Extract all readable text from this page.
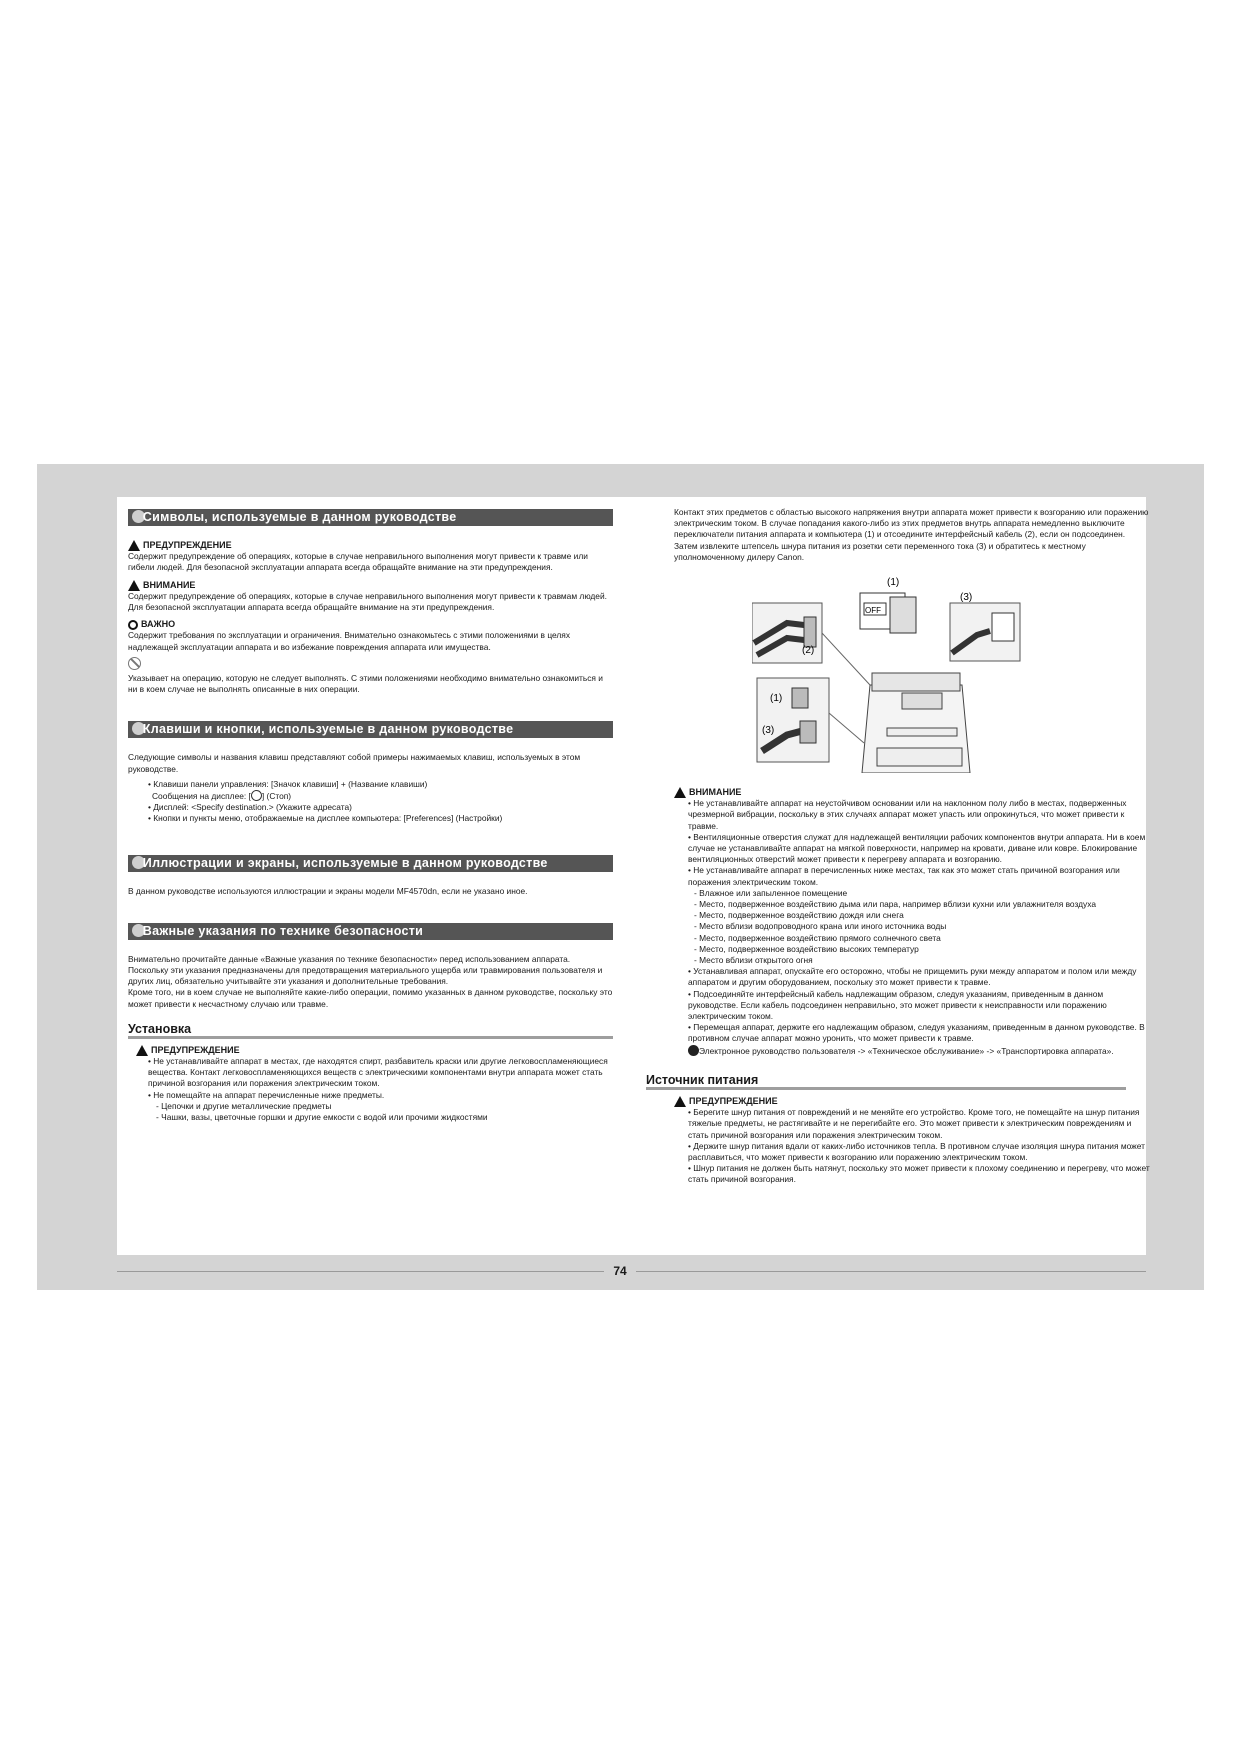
74
Символы, используемые в данном руководстве
ПРЕДУПРЕЖДЕНИЕ

Содержит предупреждение об операциях, которые в случае неправильного выполнения могут привести к травме или гибели людей. Для безопасной эксплуатации аппарата всегда обращайте внимание на эти предупреждения.

ВНИМАНИЕ

Содержит предупреждение об операциях, которые в случае неправильного выполнения могут привести к травмам людей. Для безопасной эксплуатации аппарата всегда обращайте внимание на эти предупреждения.

ВАЖНО

Содержит требования по эксплуатации и ограничения. Внимательно ознакомьтесь с этими положениями в целях надлежащей эксплуатации аппарата и во избежание повреждения аппарата или имущества.

Указывает на операцию, которую не следует выполнять. С этими положениями необходимо внимательно ознакомиться и ни в коем случае не выполнять описанные в них операции.

Клавиши и кнопки, используемые в данном руководстве

Следующие символы и названия клавиш представляют собой примеры нажимаемых клавиш, используемых в этом руководстве.

• Клавиши панели управления: [Значок клавиши] + (Название клавиши)

Сообщения на дисплее: [ ] (Стоп)

• Дисплей: <Specify destination.> (Укажите адресата)

• Кнопки и пункты меню, отображаемые на дисплее компьютера: [Preferences] (Настройки)

Иллюстрации и экраны, используемые в данном руководстве

В данном руководстве используются иллюстрации и экраны модели MF4570dn, если не указано иное.

Важные указания по технике безопасности

Внимательно прочитайте данные «Важные указания по технике безопасности» перед использованием аппарата.

Поскольку эти указания предназначены для предотвращения материального ущерба или травмирования пользователя и других лиц, обязательно учитывайте эти указания и дополнительные требования.

Кроме того, ни в коем случае не выполняйте какие-либо операции, помимо указанных в данном руководстве, поскольку это может привести к несчастному случаю или травме.

Установка
ПРЕДУПРЕЖДЕНИЕ

• Не устанавливайте аппарат в местах, где находятся спирт, разбавитель краски или другие легковоспламеняющиеся вещества. Контакт легковоспламеняющихся веществ с электрическими компонентами внутри аппарата может стать причиной возгорания или поражения электрическим током.

• Не помещайте на аппарат перечисленные ниже предметы.

- Цепочки и другие металлические предметы

- Чашки, вазы, цветочные горшки и другие емкости с водой или прочими жидкостями

Контакт этих предметов с областью высокого напряжения внутри аппарата может привести к возгоранию или поражению электрическим током. В случае попадания какого-либо из этих предметов внутрь аппарата немедленно выключите переключатели питания аппарата и компьютера (1) и отсоедините интерфейсный кабель (2), если он подсоединен. Затем извлеките штепсель шнура питания из розетки сети переменного тока (3) и обратитесь к местному уполномоченному дилеру Canon.

(2)
(1)
OFF
(3)
(1)
(3)
ВНИМАНИЕ

• Не устанавливайте аппарат на неустойчивом основании или на наклонном полу либо в местах, подверженных чрезмерной вибрации, поскольку в этих случаях аппарат может упасть или опрокинуться, что может привести к травме.

• Вентиляционные отверстия служат для надлежащей вентиляции рабочих компонентов внутри аппарата. Ни в коем случае не устанавливайте аппарат на мягкой поверхности, например на кровати, диване или ковре. Блокирование вентиляционных отверстий может привести к перегреву аппарата и возгоранию.

• Не устанавливайте аппарат в перечисленных ниже местах, так как это может стать причиной возгорания или поражения электрическим током.

- Влажное или запыленное помещение

- Место, подверженное воздействию дыма или пара, например вблизи кухни или увлажнителя воздуха

- Место, подверженное воздействию дождя или снега

- Место вблизи водопроводного крана или иного источника воды

- Место, подверженное воздействию прямого солнечного света

- Место, подверженное воздействию высоких температур

- Место вблизи открытого огня

• Устанавливая аппарат, опускайте его осторожно, чтобы не прищемить руки между аппаратом и полом или между аппаратом и другим оборудованием, поскольку это может привести к травме.

• Подсоединяйте интерфейсный кабель надлежащим образом, следуя указаниям, приведенным в данном руководстве. Если кабель подсоединен неправильно, это может привести к неисправности или поражению электрическим током.

• Перемещая аппарат, держите его надлежащим образом, следуя указаниям, приведенным в данном руководстве. В противном случае аппарат можно уронить, что может привести к травме.

Электронное руководство пользователя -> «Техническое обслуживание» -> «Транспортировка аппарата».

Источник питания
ПРЕДУПРЕЖДЕНИЕ

• Берегите шнур питания от повреждений и не меняйте его устройство. Кроме того, не помещайте на шнур питания тяжелые предметы, не растягивайте и не перегибайте его. Это может привести к электрическим повреждениям и стать причиной возгорания или поражения электрическим током.

• Держите шнур питания вдали от каких-либо источников тепла. В противном случае изоляция шнура питания может расплавиться, что может привести к возгоранию или поражению электрическим током.

• Шнур питания не должен быть натянут, поскольку это может привести к плохому соединению и перегреву, что может стать причиной возгорания.
